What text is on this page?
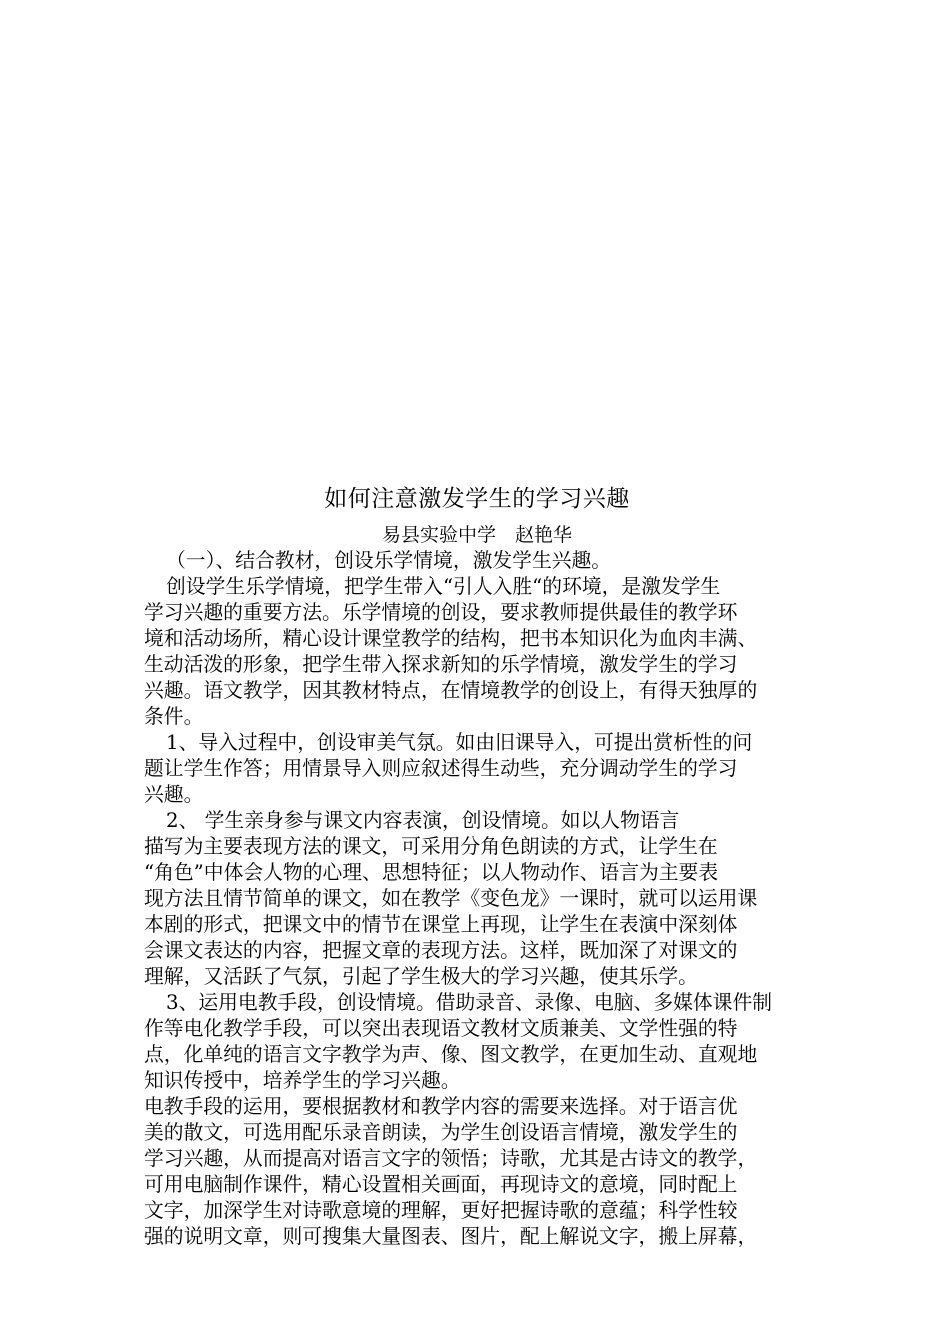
如何注意激发学生的学习兴趣

易县实验中学　赵艳华

（一）、结合教材，创设乐学情境，激发学生兴趣。

创设学生乐学情境，把学生带入“引人入胜“的环境，是激发学生

学习兴趣的重要方法。乐学情境的创设，要求教师提供最佳的教学环

境和活动场所，精心设计课堂教学的结构，把书本知识化为血肉丰满、

生动活泼的形象，把学生带入探求新知的乐学情境，激发学生的学习

兴趣。语文教学，因其教材特点，在情境教学的创设上，有得天独厚的

条件。

1、导入过程中，创设审美气氛。如由旧课导入，可提出赏析性的问

题让学生作答；用情景导入则应叙述得生动些，充分调动学生的学习

兴趣。

2、 学生亲身参与课文内容表演，创设情境。如以人物语言

描写为主要表现方法的课文，可采用分角色朗读的方式，让学生在

“角色”中体会人物的心理、思想特征；以人物动作、语言为主要表

现方法且情节简单的课文，如在教学《变色龙》一课时，就可以运用课

本剧的形式，把课文中的情节在课堂上再现，让学生在表演中深刻体

会课文表达的内容，把握文章的表现方法。这样，既加深了对课文的

理解，又活跃了气氛，引起了学生极大的学习兴趣，使其乐学。

3、运用电教手段，创设情境。借助录音、录像、电脑、多媒体课件制

作等电化教学手段，可以突出表现语文教材文质兼美、文学性强的特

点，化单纯的语言文字教学为声、像、图文教学，在更加生动、直观地

知识传授中，培养学生的学习兴趣。

电教手段的运用，要根据教材和教学内容的需要来选择。对于语言优

美的散文，可选用配乐录音朗读，为学生创设语言情境，激发学生的

学习兴趣，从而提高对语言文字的领悟；诗歌，尤其是古诗文的教学，

可用电脑制作课件，精心设置相关画面，再现诗文的意境，同时配上

文字，加深学生对诗歌意境的理解，更好把握诗歌的意蕴；科学性较

强的说明文章，则可搜集大量图表、图片，配上解说文字，搬上屏幕，
